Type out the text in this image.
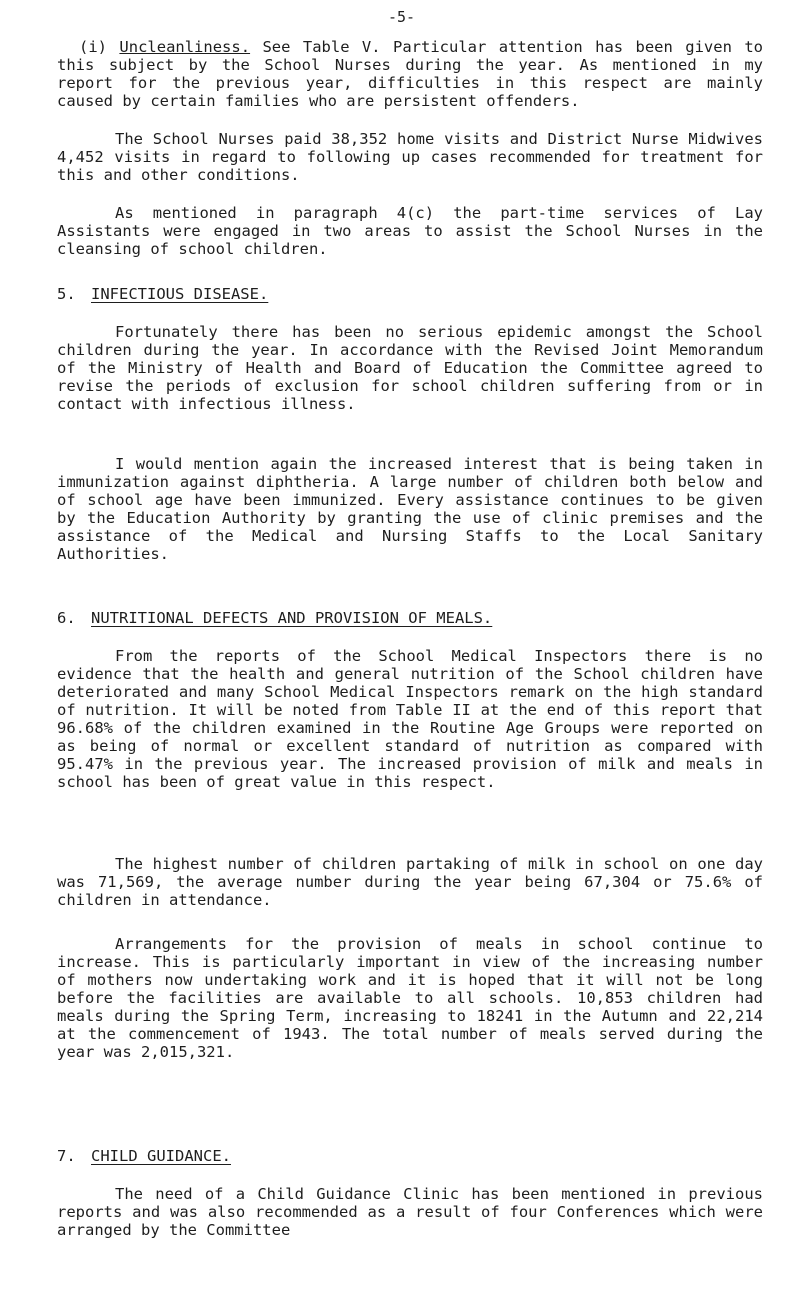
-5-

(i) Uncleanliness. See Table V. Particular attention has been given to this subject by the School Nurses during the year. As mentioned in my report for the previous year, difficulties in this respect are mainly caused by certain families who are persistent offenders.

The School Nurses paid 38,352 home visits and District Nurse Midwives 4,452 visits in regard to following up cases recommended for treatment for this and other conditions.

As mentioned in paragraph 4(c) the part-time services of Lay Assistants were engaged in two areas to assist the School Nurses in the cleansing of school children.

5. INFECTIOUS DISEASE.

Fortunately there has been no serious epidemic amongst the School children during the year. In accordance with the Revised Joint Memorandum of the Ministry of Health and Board of Education the Committee agreed to revise the periods of exclusion for school children suffering from or in contact with infectious illness.

I would mention again the increased interest that is being taken in immunization against diphtheria. A large number of children both below and of school age have been immunized. Every assistance continues to be given by the Education Authority by granting the use of clinic premises and the assistance of the Medical and Nursing Staffs to the Local Sanitary Authorities.

6. NUTRITIONAL DEFECTS AND PROVISION OF MEALS.

From the reports of the School Medical Inspectors there is no evidence that the health and general nutrition of the School children have deteriorated and many School Medical Inspectors remark on the high standard of nutrition. It will be noted from Table II at the end of this report that 96.68% of the children examined in the Routine Age Groups were reported on as being of normal or excellent standard of nutrition as compared with 95.47% in the previous year. The increased provision of milk and meals in school has been of great value in this respect.

The highest number of children partaking of milk in school on one day was 71,569, the average number during the year being 67,304 or 75.6% of children in attendance.

Arrangements for the provision of meals in school continue to increase. This is particularly important in view of the increasing number of mothers now undertaking work and it is hoped that it will not be long before the facilities are available to all schools. 10,853 children had meals during the Spring Term, increasing to 18241 in the Autumn and 22,214 at the commencement of 1943. The total number of meals served during the year was 2,015,321.

7. CHILD GUIDANCE.

The need of a Child Guidance Clinic has been mentioned in previous reports and was also recommended as a result of four Conferences which were arranged by the Committee
